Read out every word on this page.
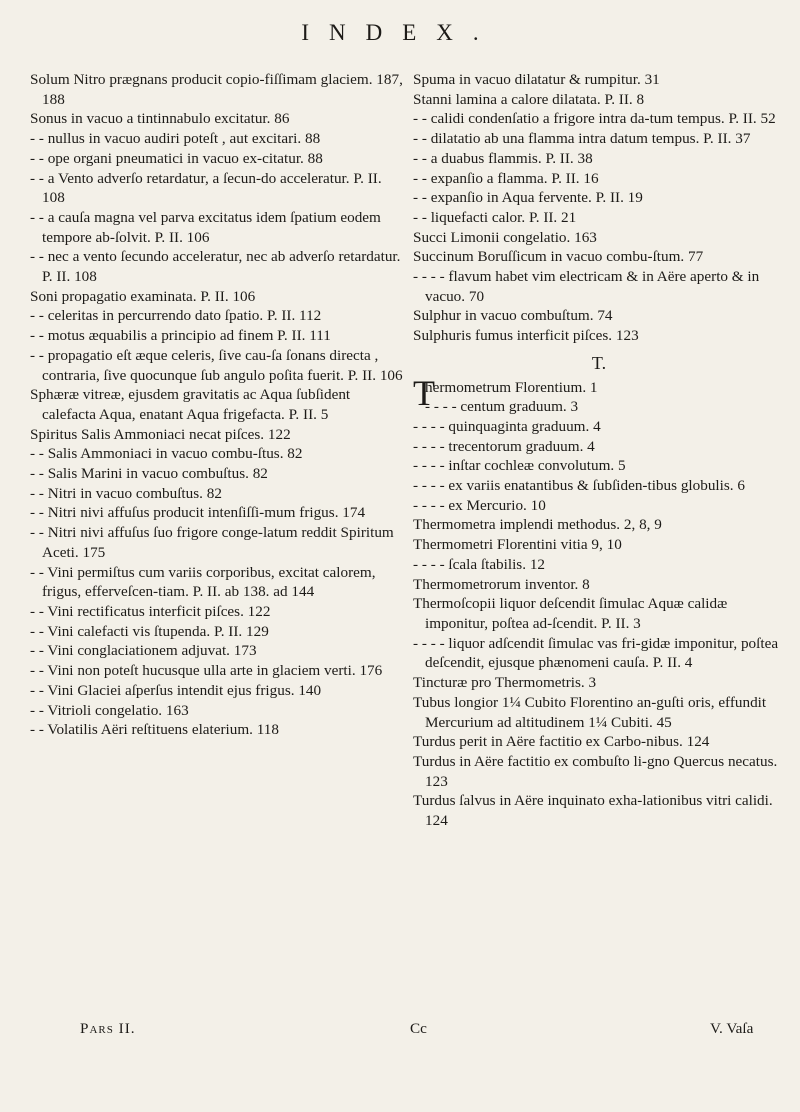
INDEX.
Solum Nitro prægnans producit copio-fiſſimam glaciem. 187, 188
Sonus in vacuo a tintinnabulo excitatur. 86
- - nullus in vacuo audiri poteſt , aut excitari. 88
- - ope organi pneumatici in vacuo ex-citatur. 88
- - a Vento adverſo retardatur, a ſecun-do acceleratur. P. II. 108
- - a cauſa magna vel parva excitatus idem ſpatium eodem tempore ab-ſolvit. P. II. 106
- - nec a vento ſecundo acceleratur, nec ab adverſo retardatur. P. II. 108
Soni propagatio examinata. P. II. 106
- - celeritas in percurrendo dato ſpatio. P. II. 112
- - motus æquabilis a principio ad finem P. II. 111
- - propagatio eſt æque celeris, ſive cau-ſa ſonans directa , contraria, ſive quocunque ſub angulo poſita fuerit. P. II. 106
Sphæræ vitreæ, ejusdem gravitatis ac Aqua ſubſident calefacta Aqua, enatant Aqua frigefacta. P. II. 5
Spiritus Salis Ammoniaci necat piſces. 122
- - Salis Ammoniaci in vacuo combu-ſtus. 82
- - Salis Marini in vacuo combuſtus. 82
- - Nitri in vacuo combuſtus. 82
- - Nitri nivi affuſus producit intenſiſſi-mum frigus. 174
- - Nitri nivi affuſus ſuo frigore conge-latum reddit Spiritum Aceti. 175
- - Vini permiſtus cum variis corporibus, excitat calorem, frigus, efferveſcen-tiam. P. II. ab 138. ad 144
- - Vini rectificatus interficit piſces. 122
- - Vini calefacti vis ſtupenda. P. II. 129
- - Vini conglaciationem adjuvat. 173
- - Vini non poteſt hucusque ulla arte in glaciem verti. 176
- - Vini Glaciei aſperſus intendit ejus frigus. 140
- - Vitrioli congelatio. 163
- - Volatilis Aëri reſtituens elaterium. 118
Spuma in vacuo dilatatur & rumpitur. 31
Stanni lamina a calore dilatata. P. II. 8
- - calidi condenſatio a frigore intra da-tum tempus. P. II. 52
- - dilatatio ab una flamma intra datum tempus. P. II. 37
- - a duabus flammis. P. II. 38
- - expanſio a flamma. P. II. 16
- - expanſio in Aqua fervente. P. II. 19
- - liquefacti calor. P. II. 21
Succi Limonii congelatio. 163
Succinum Boruſſicum in vacuo combu-ſtum. 77
- - - - flavum habet vim electricam & in Aëre aperto & in vacuo. 70
Sulphur in vacuo combuſtum. 74
Sulphuris fumus interficit piſces. 123
T.
Thermometrum Florentium. 1
- - - - centum graduum. 3
- - - - quinquaginta graduum. 4
- - - - trecentorum graduum. 4
- - - - inſtar cochleæ convolutum. 5
- - - - ex variis enatantibus & ſubſiden-tibus globulis. 6
- - - - ex Mercurio. 10
Thermometra implendi methodus. 2, 8, 9
Thermometri Florentini vitia 9, 10
- - - - ſcala ſtabilis. 12
Thermometrorum inventor. 8
Thermoſcopii liquor deſcendit ſimulac Aquæ calidæ imponitur, poſtea ad-ſcendit. P. II. 3
- - - - liquor adſcendit ſimulac vas fri-gidæ imponitur, poſtea deſcendit, ejusque phænomeni cauſa. P. II. 4
Tincturæ pro Thermometris. 3
Tubus longior 1¼ Cubito Florentino an-guſti oris, effundit Mercurium ad altitudinem 1¼ Cubiti. 45
Turdus perit in Aëre factitio ex Carbo-nibus. 124
Turdus in Aëre factitio ex combuſto li-gno Quercus necatus. 123
Turdus ſalvus in Aëre inquinato exha-lationibus vitri calidi. 124
Pars II.	Cc	V. Vaſa
